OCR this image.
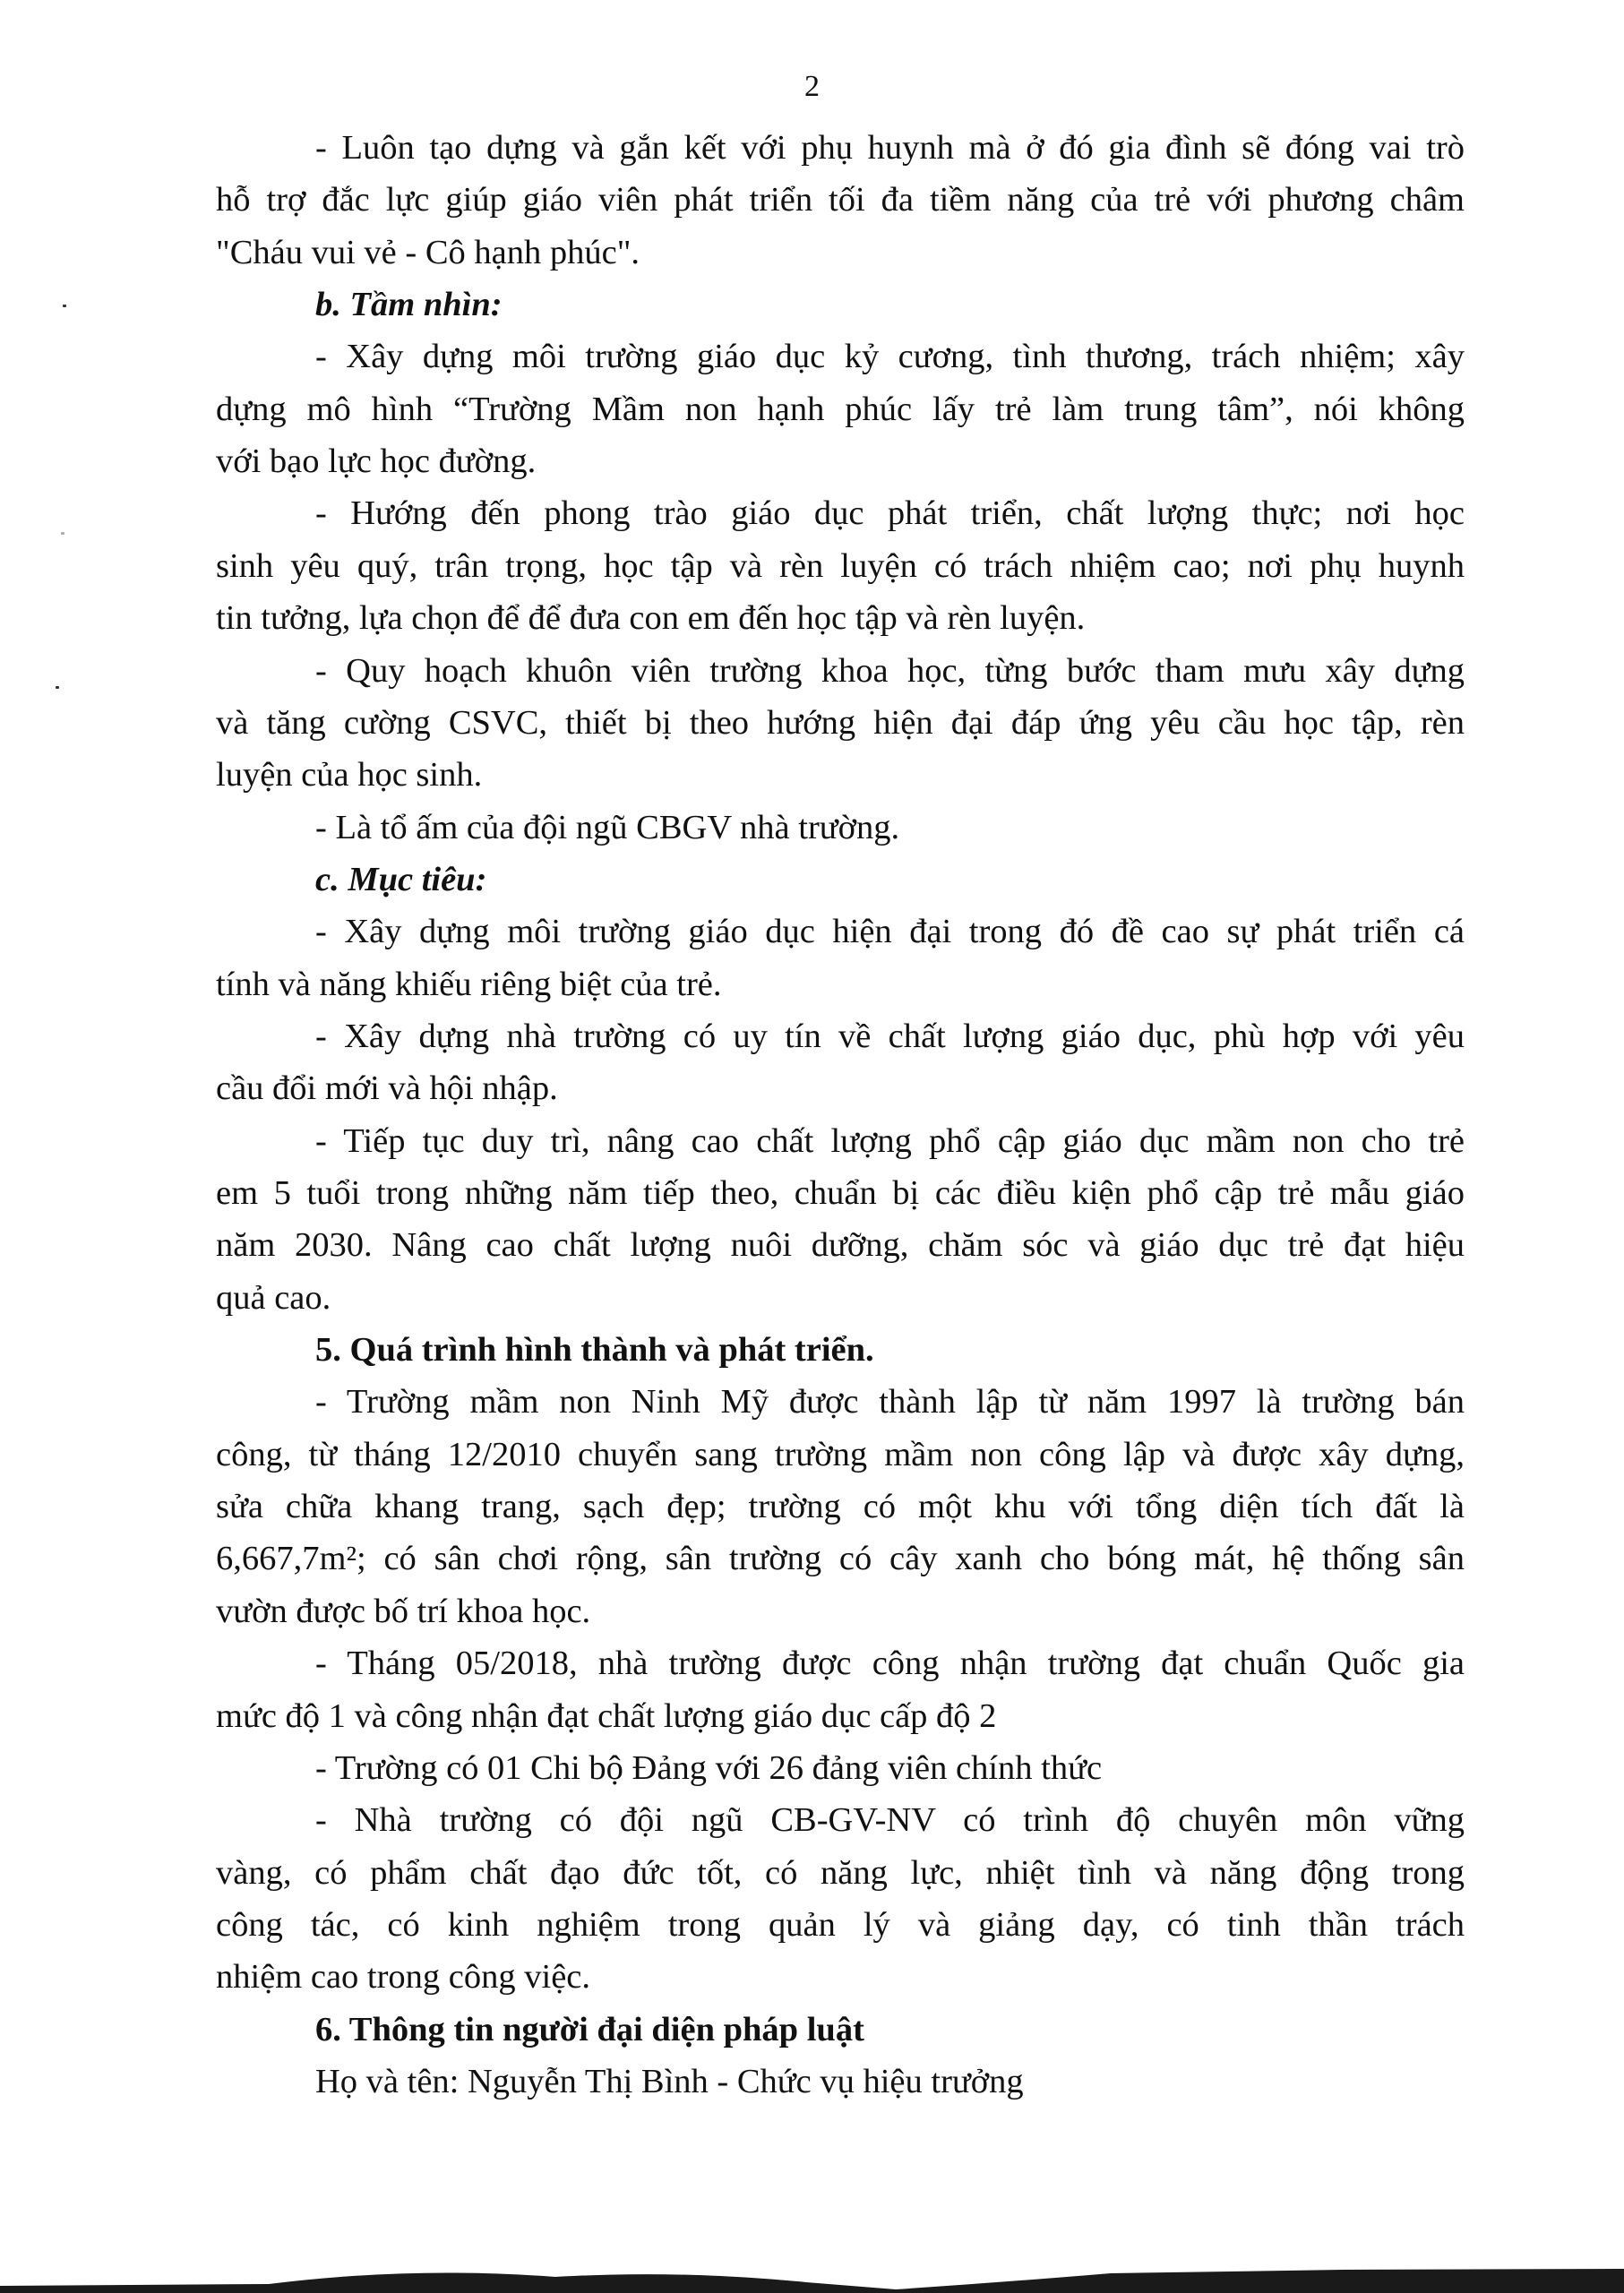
2
- Luôn tạo dựng và gắn kết với phụ huynh mà ở đó gia đình sẽ đóng vai trò
hỗ trợ đắc lực giúp giáo viên phát triển tối đa tiềm năng của trẻ với phương châm
"Cháu vui vẻ - Cô hạnh phúc".
b. Tầm nhìn:
- Xây dựng môi trường giáo dục kỷ cương, tình thương, trách nhiệm; xây
dựng mô hình “Trường Mầm non hạnh phúc lấy trẻ làm trung tâm”, nói không
với bạo lực học đường.
- Hướng đến phong trào giáo dục phát triển, chất lượng thực; nơi học
sinh yêu quý, trân trọng, học tập và rèn luyện có trách nhiệm cao; nơi phụ huynh
tin tưởng, lựa chọn để để đưa con em đến học tập và rèn luyện.
- Quy hoạch khuôn viên trường khoa học, từng bước tham mưu xây dựng
và tăng cường CSVC, thiết bị theo hướng hiện đại đáp ứng yêu cầu học tập, rèn
luyện của học sinh.
- Là tổ ấm của đội ngũ CBGV nhà trường.
c. Mục tiêu:
- Xây dựng môi trường giáo dục hiện đại trong đó đề cao sự phát triển cá
tính và năng khiếu riêng biệt của trẻ.
- Xây dựng nhà trường có uy tín về chất lượng giáo dục, phù hợp với yêu
cầu đổi mới và hội nhập.
- Tiếp tục duy trì, nâng cao chất lượng phổ cập giáo dục mầm non cho trẻ
em 5 tuổi trong những năm tiếp theo, chuẩn bị các điều kiện phổ cập trẻ mẫu giáo
năm 2030. Nâng cao chất lượng nuôi dưỡng, chăm sóc và giáo dục trẻ đạt hiệu
quả cao.
5. Quá trình hình thành và phát triển.
- Trường mầm non Ninh Mỹ được thành lập từ năm 1997 là trường bán
công, từ tháng 12/2010 chuyển sang trường mầm non công lập và được xây dựng,
sửa chữa khang trang, sạch đẹp; trường có một khu với tổng diện tích đất là
6,667,7m²; có sân chơi rộng, sân trường có cây xanh cho bóng mát, hệ thống sân
vườn được bố trí khoa học.
- Tháng 05/2018, nhà trường được công nhận trường đạt chuẩn Quốc gia
mức độ 1 và công nhận đạt chất lượng giáo dục cấp độ 2
- Trường có 01 Chi bộ Đảng với 26 đảng viên chính thức
- Nhà trường có đội ngũ CB-GV-NV có trình độ chuyên môn vững
vàng, có phẩm chất đạo đức tốt, có năng lực, nhiệt tình và năng động trong
công tác, có kinh nghiệm trong quản lý và giảng dạy, có tinh thần trách
nhiệm cao trong công việc.
6. Thông tin người đại diện pháp luật
Họ và tên: Nguyễn Thị Bình - Chức vụ hiệu trưởng
